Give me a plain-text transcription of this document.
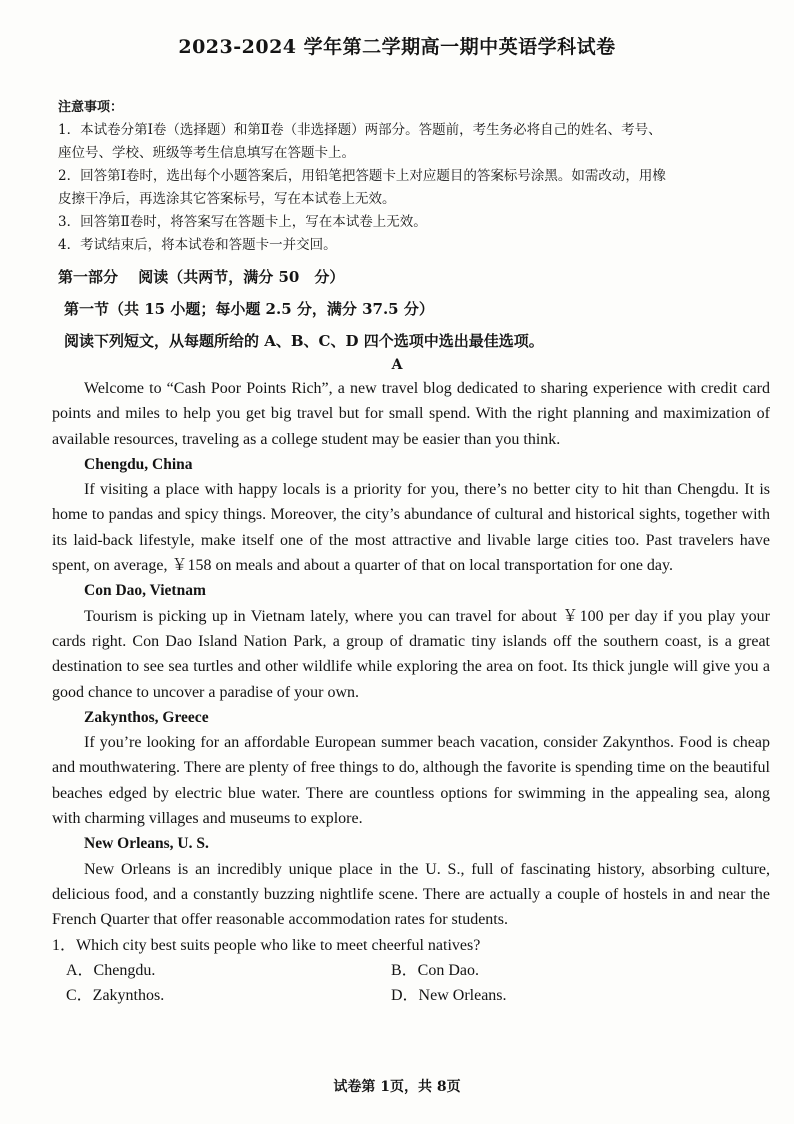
2023-2024 学年第二学期高一期中英语学科试卷

注意事项：

1．本试卷分第Ⅰ卷（选择题）和第Ⅱ卷（非选择题）两部分。答题前，考生务必将自己的姓名、考号、

座位号、学校、班级等考生信息填写在答题卡上。

2．回答第Ⅰ卷时，选出每个小题答案后，用铅笔把答题卡上对应题目的答案标号涂黑。如需改动，用橡

皮擦干净后，再选涂其它答案标号，写在本试卷上无效。

3．回答第Ⅱ卷时，将答案写在答题卡上，写在本试卷上无效。

4．考试结束后，将本试卷和答题卡一并交回。

第一部分　 阅读（共两节，满分 50　分）
第一节（共 15 小题；每小题 2.5 分，满分 37.5 分）
阅读下列短文，从每题所给的 A、B、C、D 四个选项中选出最佳选项。
A

Welcome to “Cash Poor Points Rich”, a new travel blog dedicated to sharing experience with credit card points and miles to help you get big travel but for small spend. With the right planning and maximization of available resources, traveling as a college student may be easier than you think.

Chengdu, China

If visiting a place with happy locals is a priority for you, there’s no better city to hit than Chengdu. It is home to pandas and spicy things. Moreover, the city’s abundance of cultural and historical sights, together with its laid-back lifestyle, make itself one of the most attractive and livable large cities too. Past travelers have spent, on average, ￥158 on meals and about a quarter of that on local transportation for one day.

Con Dao, Vietnam

Tourism is picking up in Vietnam lately, where you can travel for about ￥100 per day if you play your cards right. Con Dao Island Nation Park, a group of dramatic tiny islands off the southern coast, is a great destination to see sea turtles and other wildlife while exploring the area on foot. Its thick jungle will give you a good chance to uncover a paradise of your own.

Zakynthos, Greece

If you’re looking for an affordable European summer beach vacation, consider Zakynthos. Food is cheap and mouthwatering. There are plenty of free things to do, although the favorite is spending time on the beautiful beaches edged by electric blue water. There are countless options for swimming in the appealing sea, along with charming villages and museums to explore.

New Orleans, U. S.

New Orleans is an incredibly unique place in the U. S., full of fascinating history, absorbing culture, delicious food, and a constantly buzzing nightlife scene. There are actually a couple of hostels in and near the French Quarter that offer reasonable accommodation rates for students.

1．Which city best suits people who like to meet cheerful natives?

A．Chengdu.	B．Con Dao.
C．Zakynthos.	D．New Orleans.
试卷第 1页，共 8页
